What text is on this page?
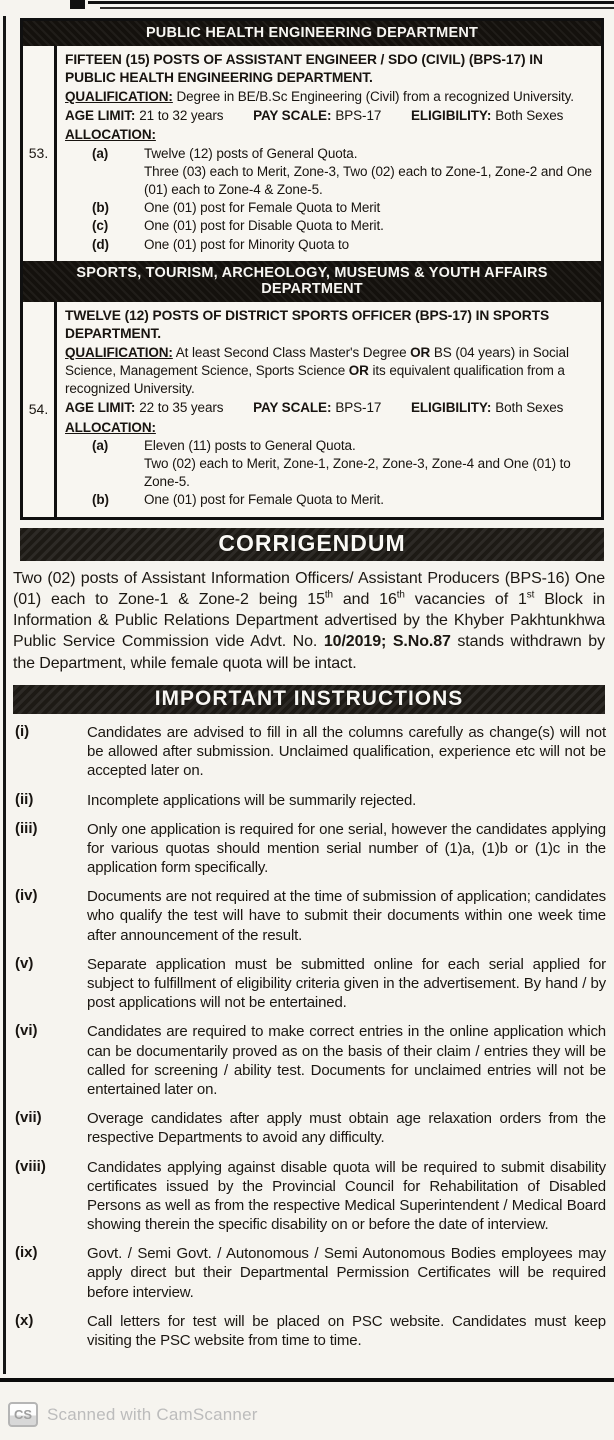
PUBLIC HEALTH ENGINEERING DEPARTMENT
53.
FIFTEEN (15) POSTS OF ASSISTANT ENGINEER / SDO (CIVIL) (BPS-17) IN PUBLIC HEALTH ENGINEERING DEPARTMENT.
QUALIFICATION: Degree in BE/B.Sc Engineering (Civil) from a recognized University.
AGE LIMIT: 21 to 32 years PAY SCALE: BPS-17 ELIGIBILITY: Both Sexes
ALLOCATION:
(a)	Twelve (12) posts of General Quota.
Three (03) each to Merit, Zone-3, Two (02) each to Zone-1, Zone-2 and One (01) each to Zone-4 & Zone-5.
(b)	One (01) post for Female Quota to Merit
(c)	One (01) post for Disable Quota to Merit.
(d)	One (01) post for Minority Quota to
SPORTS, TOURISM, ARCHEOLOGY, MUSEUMS & YOUTH AFFAIRS DEPARTMENT
54.
TWELVE (12) POSTS OF DISTRICT SPORTS OFFICER (BPS-17) IN SPORTS DEPARTMENT.
QUALIFICATION: At least Second Class Master's Degree OR BS (04 years) in Social Science, Management Science, Sports Science OR its equivalent qualification from a recognized University.
AGE LIMIT: 22 to 35 years PAY SCALE: BPS-17 ELIGIBILITY: Both Sexes
ALLOCATION:
(a)	Eleven (11) posts to General Quota.
Two (02) each to Merit, Zone-1, Zone-2, Zone-3, Zone-4 and One (01) to Zone-5.
(b)	One (01) post for Female Quota to Merit.
CORRIGENDUM
Two (02) posts of Assistant Information Officers/ Assistant Producers (BPS-16) One (01) each to Zone-1 & Zone-2 being 15th and 16th vacancies of 1st Block in Information & Public Relations Department advertised by the Khyber Pakhtunkhwa Public Service Commission vide Advt. No. 10/2019; S.No.87 stands withdrawn by the Department, while female quota will be intact.
IMPORTANT INSTRUCTIONS
(i)	Candidates are advised to fill in all the columns carefully as change(s) will not be allowed after submission. Unclaimed qualification, experience etc will not be accepted later on.
(ii)	Incomplete applications will be summarily rejected.
(iii)	Only one application is required for one serial, however the candidates applying for various quotas should mention serial number of (1)a, (1)b or (1)c in the application form specifically.
(iv)	Documents are not required at the time of submission of application; candidates who qualify the test will have to submit their documents within one week time after announcement of the result.
(v)	Separate application must be submitted online for each serial applied for subject to fulfillment of eligibility criteria given in the advertisement. By hand / by post applications will not be entertained.
(vi)	Candidates are required to make correct entries in the online application which can be documentarily proved as on the basis of their claim / entries they will be called for screening / ability test. Documents for unclaimed entries will not be entertained later on.
(vii)	Overage candidates after apply must obtain age relaxation orders from the respective Departments to avoid any difficulty.
(viii)	Candidates applying against disable quota will be required to submit disability certificates issued by the Provincial Council for Rehabilitation of Disabled Persons as well as from the respective Medical Superintendent / Medical Board showing therein the specific disability on or before the date of interview.
(ix)	Govt. / Semi Govt. / Autonomous / Semi Autonomous Bodies employees may apply direct but their Departmental Permission Certificates will be required before interview.
(x)	Call letters for test will be placed on PSC website. Candidates must keep visiting the PSC website from time to time.
CS Scanned with CamScanner
